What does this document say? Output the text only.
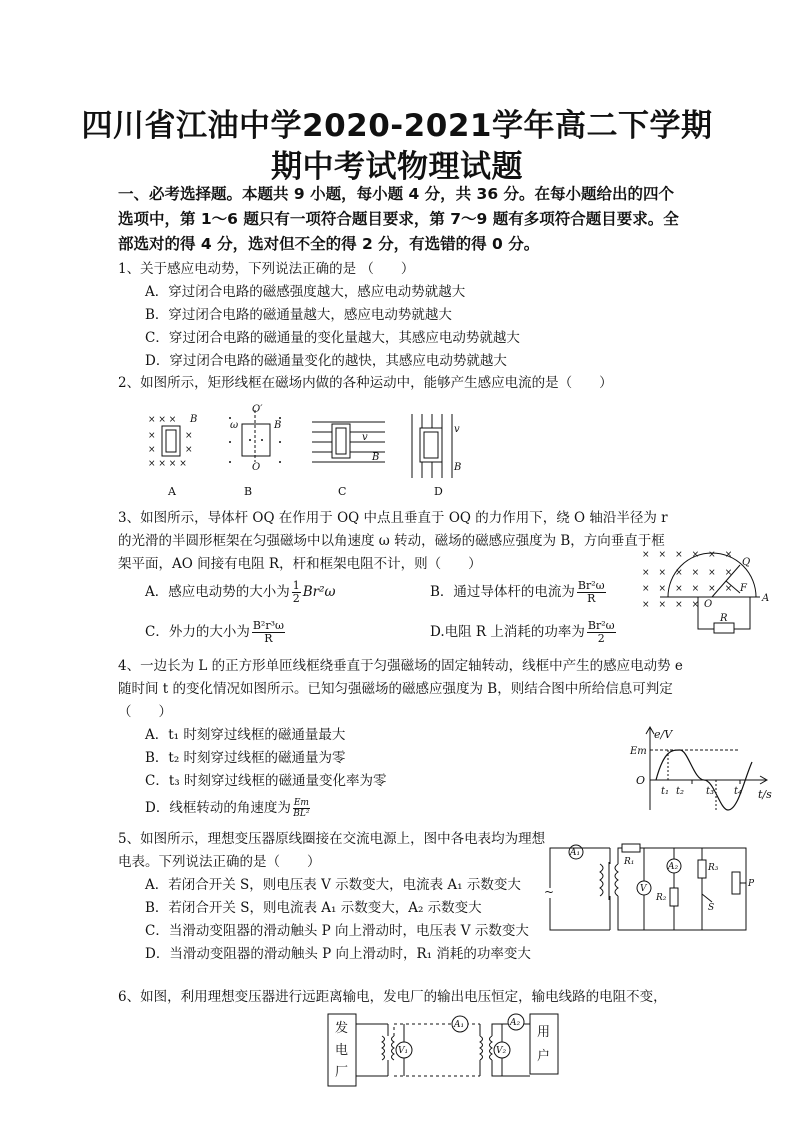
四川省江油中学2020-2021学年高二下学期
期中考试物理试题
一、必考选择题。本题共 9 小题，每小题 4 分，共 36 分。在每小题给出的四个选项中，第 1～6 题只有一项符合题目要求，第 7～9 题有多项符合题目要求。全部选对的得 4 分，选对但不全的得 2 分，有选错的得 0 分。
1、关于感应电动势，下列说法正确的是 （　　）
A．穿过闭合电路的磁感强度越大，感应电动势就越大
B．穿过闭合电路的磁通量越大，感应电动势就越大
C．穿过闭合电路的磁通量的变化量越大，其感应电动势就越大
D．穿过闭合电路的磁通量变化的越快，其感应电动势就越大
2、如图所示，矩形线框在磁场内做的各种运动中，能够产生感应电流的是（　　）
× × ×
×	×
×	×
× × × ×
B
O′
O
ω	B
v
B
v
B
A	B	C	D
3、如图所示，导体杆 OQ 在作用于 OQ 中点且垂直于 OQ 的力作用下，绕 O 轴沿半径为 r 的光滑的半圆形框架在匀强磁场中以角速度 ω 转动，磁场的磁感应强度为 B，方向垂直于框架平面，AO 间接有电阻 R，杆和框架电阻不计，则（　　）
A．感应电动势的大小为 $\frac{1}{2} Br^2\omega$	B．通过导体杆的电流为 $\frac{\text{Br²ω}}{R}$
C．外力的大小为 $\frac{\text{B²r³ω}}{R}$	D.电阻 R 上消耗的功率为 $\frac{\text{Br²ω}}{2}$
×　×　×　×　×　×
×　×　×　×　×　×
×　×　×　×　×　×
×　×　×　× O
Q
A
F
R
4、一边长为 L 的正方形单匝线框绕垂直于匀强磁场的固定轴转动，线框中产生的感应电动势 e 随时间 t 的变化情况如图所示。已知匀强磁场的磁感应强度为 B，则结合图中所给信息可判定（　　）
A．t₁ 时刻穿过线框的磁通量最大
B．t₂ 时刻穿过线框的磁通量为零
C．t₃ 时刻穿过线框的磁通量变化率为零
D．线框转动的角速度为 $\frac{Em}{\text{BL²}}$
e/V
t/s
Em
O
t₁ t₂ t₃ t₄
5、如图所示，理想变压器原线圈接在交流电源上，图中各电表均为理想电表。下列说法正确的是（　　）
A．若闭合开关 S，则电压表 V 示数变大，电流表 A₁ 示数变大
B．若闭合开关 S，则电流表 A₁ 示数变大，A₂ 示数变大
C．当滑动变阻器的滑动触头 P 向上滑动时，电压表 V 示数变大
D．当滑动变阻器的滑动触头 P 向上滑动时，R₁ 消耗的功率变大
~
A₁
R₁
V
A₂
R₂
R₃
S
P
6、如图，利用理想变压器进行远距离输电，发电厂的输出电压恒定，输电线路的电阻不变，
发
电
厂
用
户
V₁
A₁
V₂
A₂
